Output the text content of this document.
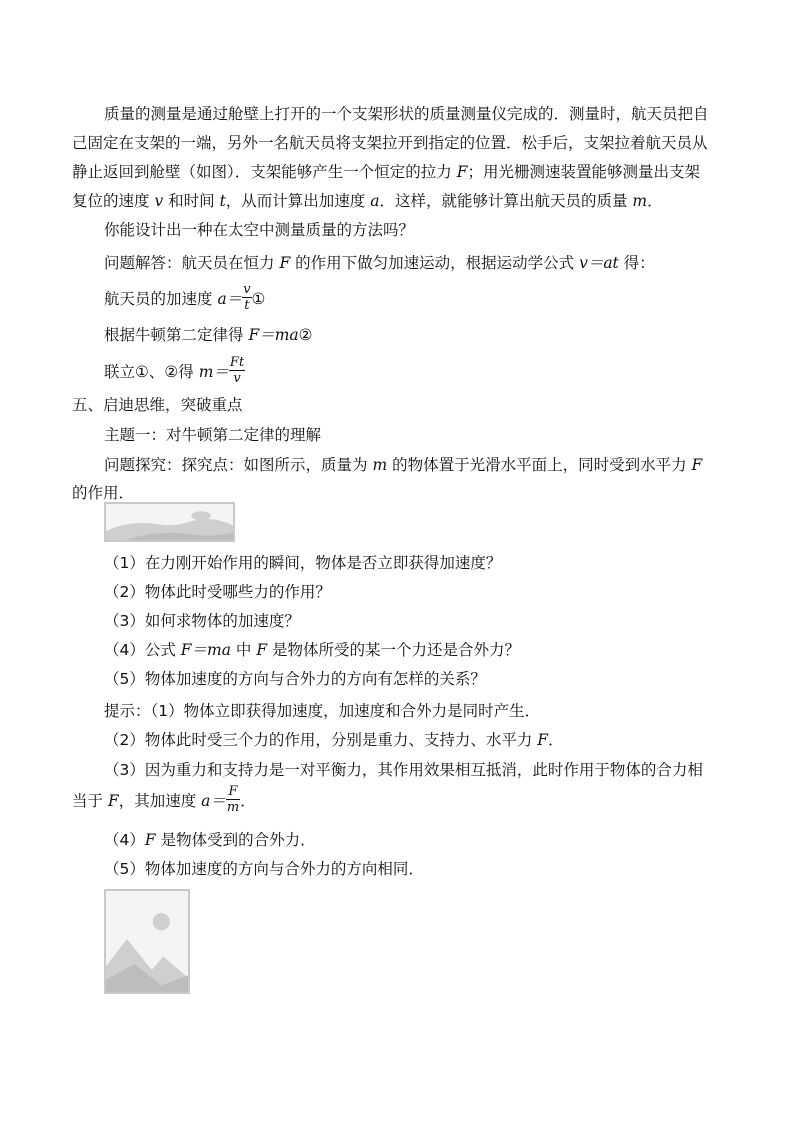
质量的测量是通过舱壁上打开的一个支架形状的质量测量仪完成的．测量时，航天员把自
己固定在支架的一端，另外一名航天员将支架拉开到指定的位置．松手后，支架拉着航天员从
静止返回到舱壁（如图）．支架能够产生一个恒定的拉力 F；用光栅测速装置能够测量出支架
复位的速度 v 和时间 t，从而计算出加速度 a．这样，就能够计算出航天员的质量 m．
你能设计出一种在太空中测量质量的方法吗？
问题解答：航天员在恒力 F 的作用下做匀加速运动，根据运动学公式 v＝at 得：
航天员的加速度 $a= \frac{v}{t}$ ①
根据牛顿第二定律得 F＝ma②
联立①、②得 $m= \frac{Ft}{v}$
五、启迪思维，突破重点
主题一：对牛顿第二定律的理解
问题探究：探究点：如图所示，质量为 m 的物体置于光滑水平面上，同时受到水平力 F
的作用．
（1）在力刚开始作用的瞬间，物体是否立即获得加速度？
（2）物体此时受哪些力的作用？
（3）如何求物体的加速度？
（4）公式 F＝ma 中 F 是物体所受的某一个力还是合外力？
（5）物体加速度的方向与合外力的方向有怎样的关系？
提示：（1）物体立即获得加速度，加速度和合外力是同时产生．
（2）物体此时受三个力的作用，分别是重力、支持力、水平力 F．
（3）因为重力和支持力是一对平衡力，其作用效果相互抵消，此时作用于物体的合力相
当于 F，其加速度 $a= \frac{F}{m}$ ．
（4）F 是物体受到的合外力．
（5）物体加速度的方向与合外力的方向相同．
